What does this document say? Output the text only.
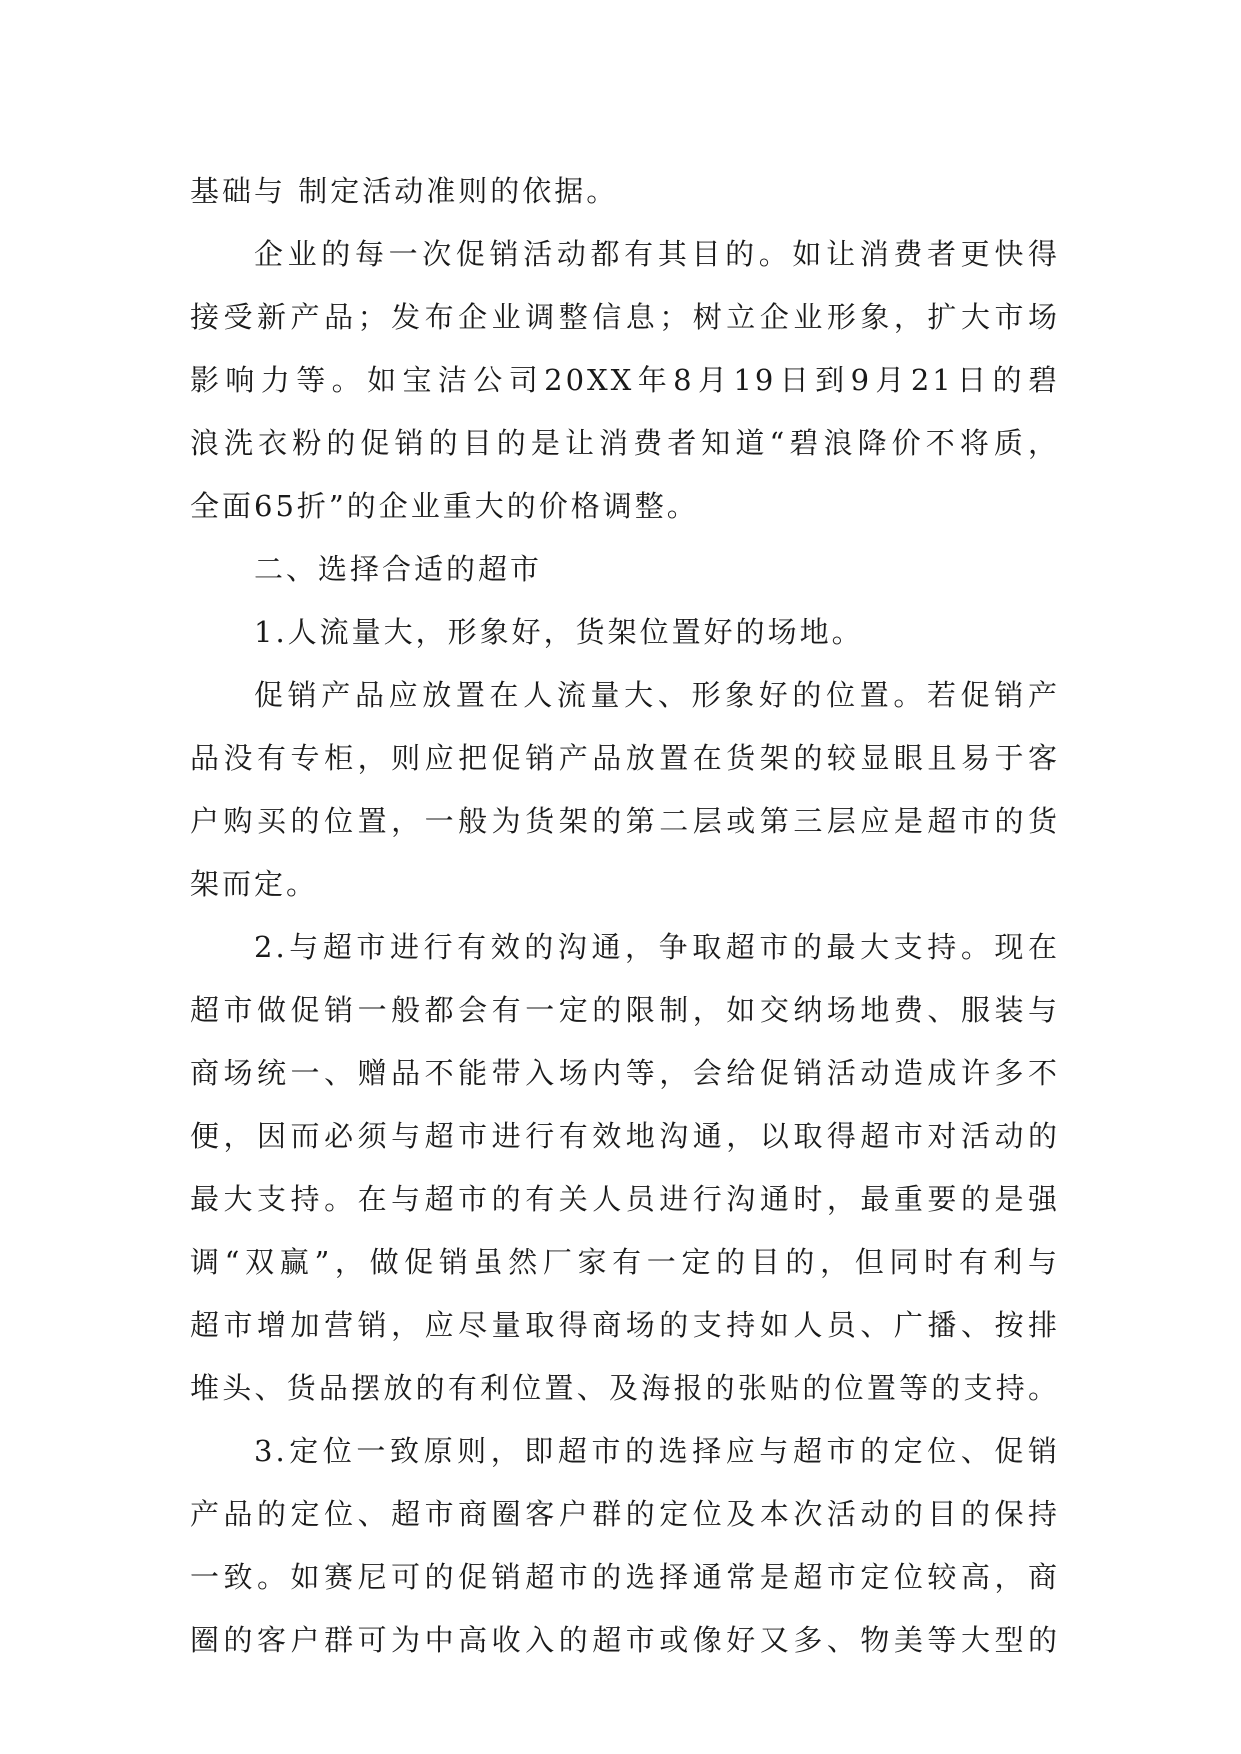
基础与 制定活动准则的依据。
企业的每一次促销活动都有其目的。如让消费者更快得
接受新产品；发布企业调整信息；树立企业形象，扩大市场
影响力等。如宝洁公司20XX年8月19日到9月21日的碧
浪洗衣粉的促销的目的是让消费者知道“碧浪降价不将质，
全面65折”的企业重大的价格调整。
二、选择合适的超市
1.人流量大，形象好，货架位置好的场地。
促销产品应放置在人流量大、形象好的位置。若促销产
品没有专柜，则应把促销产品放置在货架的较显眼且易于客
户购买的位置，一般为货架的第二层或第三层应是超市的货
架而定。
2.与超市进行有效的沟通，争取超市的最大支持。现在
超市做促销一般都会有一定的限制，如交纳场地费、服装与
商场统一、赠品不能带入场内等，会给促销活动造成许多不
便，因而必须与超市进行有效地沟通，以取得超市对活动的
最大支持。在与超市的有关人员进行沟通时，最重要的是强
调“双赢”，做促销虽然厂家有一定的目的，但同时有利与
超市增加营销，应尽量取得商场的支持如人员、广播、按排
堆头、货品摆放的有利位置、及海报的张贴的位置等的支持。
3.定位一致原则，即超市的选择应与超市的定位、促销
产品的定位、超市商圈客户群的定位及本次活动的目的保持
一致。如赛尼可的促销超市的选择通常是超市定位较高，商
圈的客户群可为中高收入的超市或像好又多、物美等大型的
